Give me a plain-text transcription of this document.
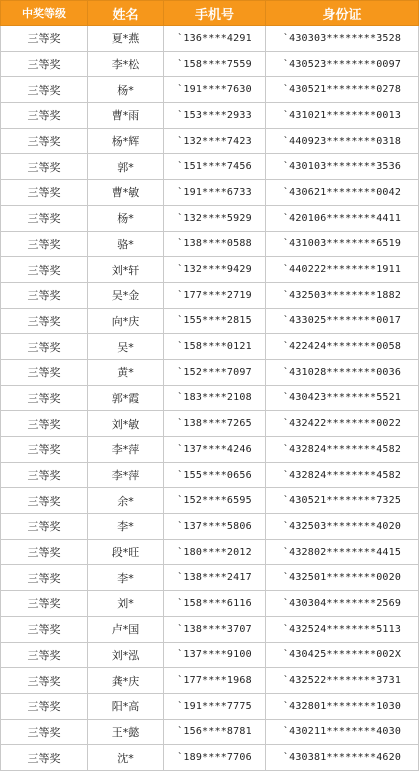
中奖等级	姓名	手机号	身份证
三等奖	夏*燕	`136****4291	`430303********3528
三等奖	李*松	`158****7559	`430523********0097
三等奖	杨*	`191****7630	`430521********0278
三等奖	曹*雨	`153****2933	`431021********0013
三等奖	杨*辉	`132****7423	`440923********0318
三等奖	郭*	`151****7456	`430103********3536
三等奖	曹*敏	`191****6733	`430621********0042
三等奖	杨*	`132****5929	`420106********4411
三等奖	骆*	`138****0588	`431003********6519
三等奖	刘*轩	`132****9429	`440222********1911
三等奖	吴*金	`177****2719	`432503********1882
三等奖	向*庆	`155****2815	`433025********0017
三等奖	吴*	`158****0121	`422424********0058
三等奖	黄*	`152****7097	`431028********0036
三等奖	郭*霞	`183****2108	`430423********5521
三等奖	刘*敏	`138****7265	`432422********0022
三等奖	李*萍	`137****4246	`432824********4582
三等奖	李*萍	`155****0656	`432824********4582
三等奖	余*	`152****6595	`430521********7325
三等奖	李*	`137****5806	`432503********4020
三等奖	段*旺	`180****2012	`432802********4415
三等奖	李*	`138****2417	`432501********0020
三等奖	刘*	`158****6116	`430304********2569
三等奖	卢*国	`138****3707	`432524********5113
三等奖	刘*泓	`137****9100	`430425********002X
三等奖	龚*庆	`177****1968	`432522********3731
三等奖	阳*高	`191****7775	`432801********1030
三等奖	王*懿	`156****8781	`430211********4030
三等奖	沈*	`189****7706	`430381********4620
